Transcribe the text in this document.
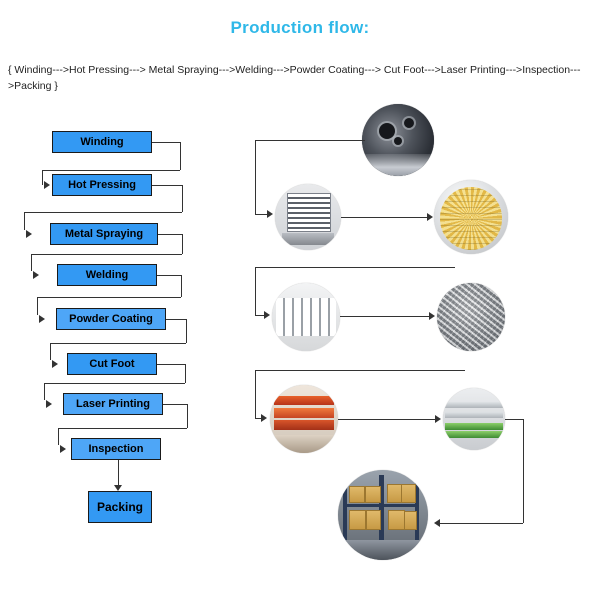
Production flow:
{ Winding--->Hot Pressing---> Metal Spraying--->Welding--->Powder Coating---> Cut Foot--->Laser Printing--->Inspection--->Packing }
Winding
Hot Pressing
Metal Spraying
Welding
Powder Coating
Cut Foot
Laser Printing
Inspection
Packing
